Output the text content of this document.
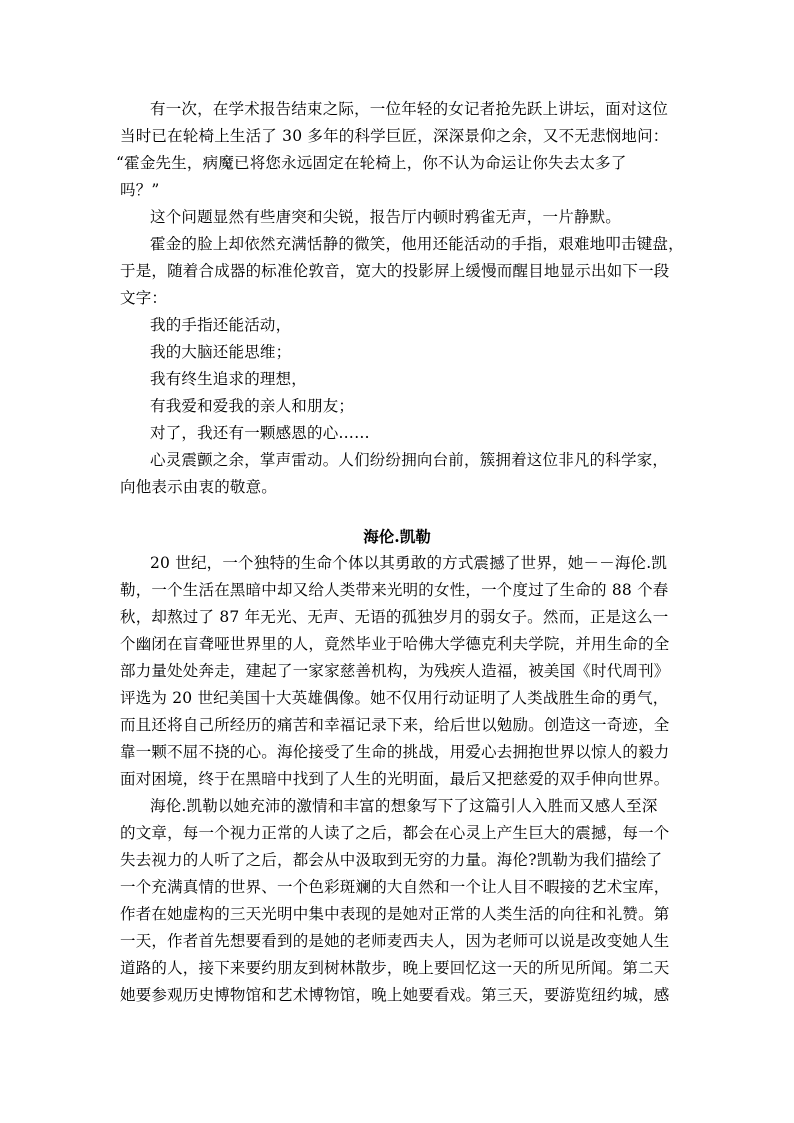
有一次，在学术报告结束之际，一位年轻的女记者抢先跃上讲坛，面对这位
当时已在轮椅上生活了 30 多年的科学巨匠，深深景仰之余，又不无悲悯地问：
“霍金先生，病魔已将您永远固定在轮椅上，你不认为命运让你失去太多了
吗？”
这个问题显然有些唐突和尖锐，报告厅内顿时鸦雀无声，一片静默。
霍金的脸上却依然充满恬静的微笑，他用还能活动的手指，艰难地叩击键盘，
于是，随着合成器的标准伦敦音，宽大的投影屏上缓慢而醒目地显示出如下一段
文字：
我的手指还能活动，
我的大脑还能思维；
我有终生追求的理想，
有我爱和爱我的亲人和朋友；
对了，我还有一颗感恩的心……
心灵震颤之余，掌声雷动。人们纷纷拥向台前，簇拥着这位非凡的科学家，
向他表示由衷的敬意。
海伦.凯勒
20 世纪，一个独特的生命个体以其勇敢的方式震撼了世界，她－－海伦.凯
勒，一个生活在黑暗中却又给人类带来光明的女性，一个度过了生命的 88 个春
秋，却熬过了 87 年无光、无声、无语的孤独岁月的弱女子。然而，正是这么一
个幽闭在盲聋哑世界里的人，竟然毕业于哈佛大学德克利夫学院，并用生命的全
部力量处处奔走，建起了一家家慈善机构，为残疾人造福，被美国《时代周刊》
评选为 20 世纪美国十大英雄偶像。她不仅用行动证明了人类战胜生命的勇气，
而且还将自己所经历的痛苦和幸福记录下来，给后世以勉励。创造这一奇迹，全
靠一颗不屈不挠的心。海伦接受了生命的挑战，用爱心去拥抱世界以惊人的毅力
面对困境，终于在黑暗中找到了人生的光明面，最后又把慈爱的双手伸向世界。
海伦.凯勒以她充沛的激情和丰富的想象写下了这篇引人入胜而又感人至深
的文章，每一个视力正常的人读了之后，都会在心灵上产生巨大的震撼，每一个
失去视力的人听了之后，都会从中汲取到无穷的力量。海伦?凯勒为我们描绘了
一个充满真情的世界、一个色彩斑斓的大自然和一个让人目不暇接的艺术宝库，
作者在她虚构的三天光明中集中表现的是她对正常的人类生活的向往和礼赞。第
一天，作者首先想要看到的是她的老师麦西夫人，因为老师可以说是改变她人生
道路的人，接下来要约朋友到树林散步，晚上要回忆这一天的所见所闻。第二天
她要参观历史博物馆和艺术博物馆，晚上她要看戏。第三天，要游览纽约城，感
